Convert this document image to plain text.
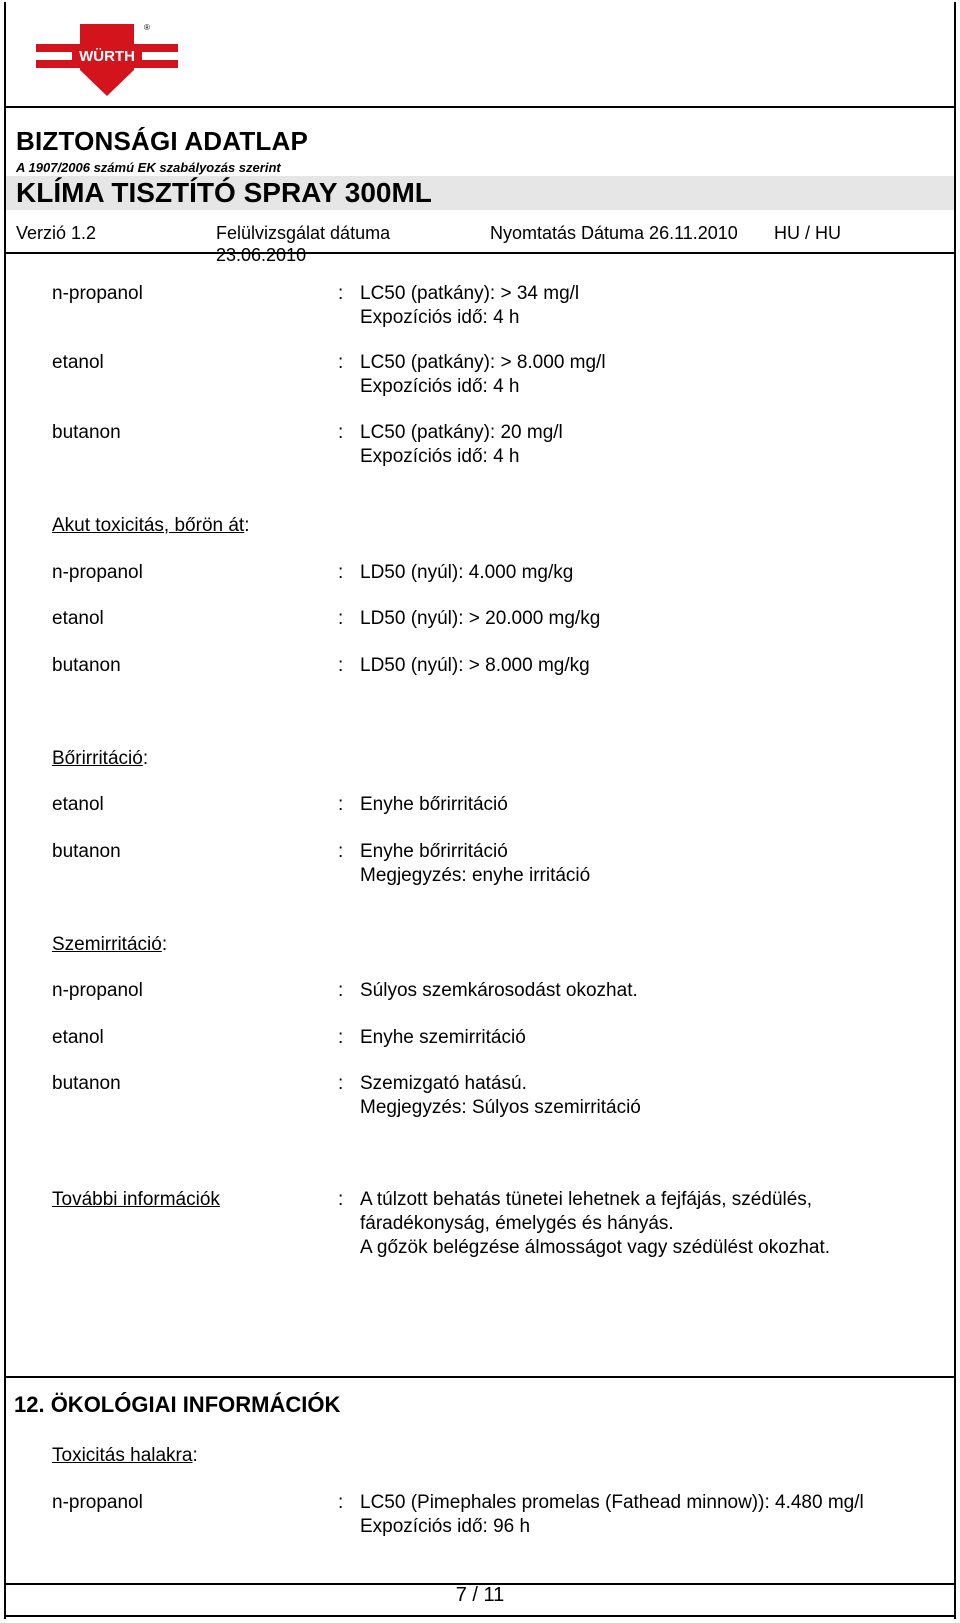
WÜRTH
®
BIZTONSÁGI ADATLAP
A 1907/2006 számú EK szabályozás szerint
KLÍMA TISZTÍTÓ SPRAY 300ML
Verzió 1.2	Felülvizsgálat dátuma
23.06.2010
Nyomtatás Dátuma 26.11.2010 HU / HU
n-propanol	: LC50 (patkány): > 34 mg/l
Expozíciós idő: 4 h
etanol	: LC50 (patkány): > 8.000 mg/l
Expozíciós idő: 4 h
butanon	: LC50 (patkány): 20 mg/l
Expozíciós idő: 4 h
Akut toxicitás, bőrön át:
n-propanol	: LD50 (nyúl): 4.000 mg/kg
etanol	: LD50 (nyúl): > 20.000 mg/kg
butanon	: LD50 (nyúl): > 8.000 mg/kg
Bőrirritáció:
etanol	: Enyhe bőrirritáció
butanon	: Enyhe bőrirritáció
Megjegyzés: enyhe irritáció
Szemirritáció:
n-propanol	: Súlyos szemkárosodást okozhat.
etanol	: Enyhe szemirritáció
butanon	: Szemizgató hatású.
Megjegyzés: Súlyos szemirritáció
További információk	: A túlzott behatás tünetei lehetnek a fejfájás, szédülés,
fáradékonyság, émelygés és hányás.
A gőzök belégzése álmosságot vagy szédülést okozhat.
12. ÖKOLÓGIAI INFORMÁCIÓK
Toxicitás halakra:
n-propanol	: LC50 (Pimephales promelas (Fathead minnow)): 4.480 mg/l
Expozíciós idő: 96 h
7 / 11
